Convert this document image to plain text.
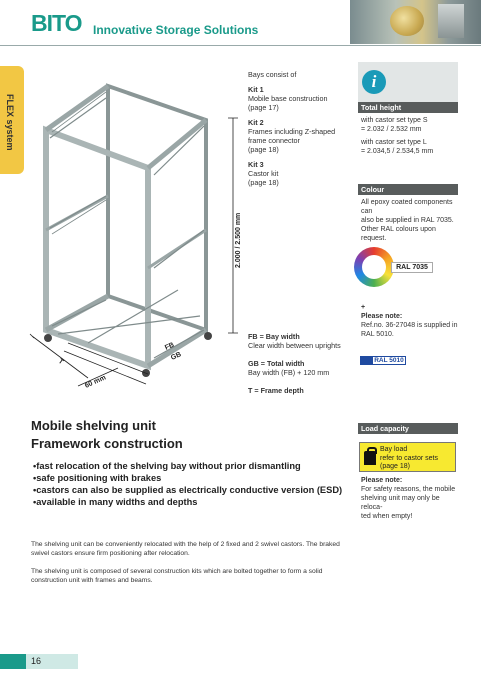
BITO Innovative Storage Solutions
FLEX system
2.000 / 2.500 mm
FB
GB
T
60 mm
Bays consist of
Kit 1
Mobile base construction
(page 17)
Kit 2
Frames including Z-shaped
frame connector
(page 18)
Kit 3
Castor kit
(page 18)
FB = Bay width
Clear width between uprights
GB = Total width
Bay width (FB) + 120 mm
T = Frame depth
i
Total height
with castor set type S
= 2.032 / 2.532 mm
with castor set type L
= 2.034,5 / 2.534,5 mm
Colour
All epoxy coated components can
also be supplied in RAL 7035.
Other RAL colours upon request.
RAL 7035
+
Please note:
Ref.no. 36-27048 is supplied in
RAL 5010.
RAL 5010
Load capacity
Bay load
refer to castor sets
(page 18)
Please note:
For safety reasons, the mobile
shelving unit may only be reloca-
ted when empty!
Mobile shelving unit
Framework construction
• fast relocation of the shelving bay without prior dismantling
• safe positioning with brakes
• castors can also be supplied as electrically conductive version (ESD)
• available in many widths and depths
The shelving unit can be conveniently relocated with the help of 2 fixed and 2 swivel castors. The braked
swivel castors ensure firm positioning after relocation.
The shelving unit is composed of several construction kits which are bolted together to form a solid
construction unit with frames and beams.
16
